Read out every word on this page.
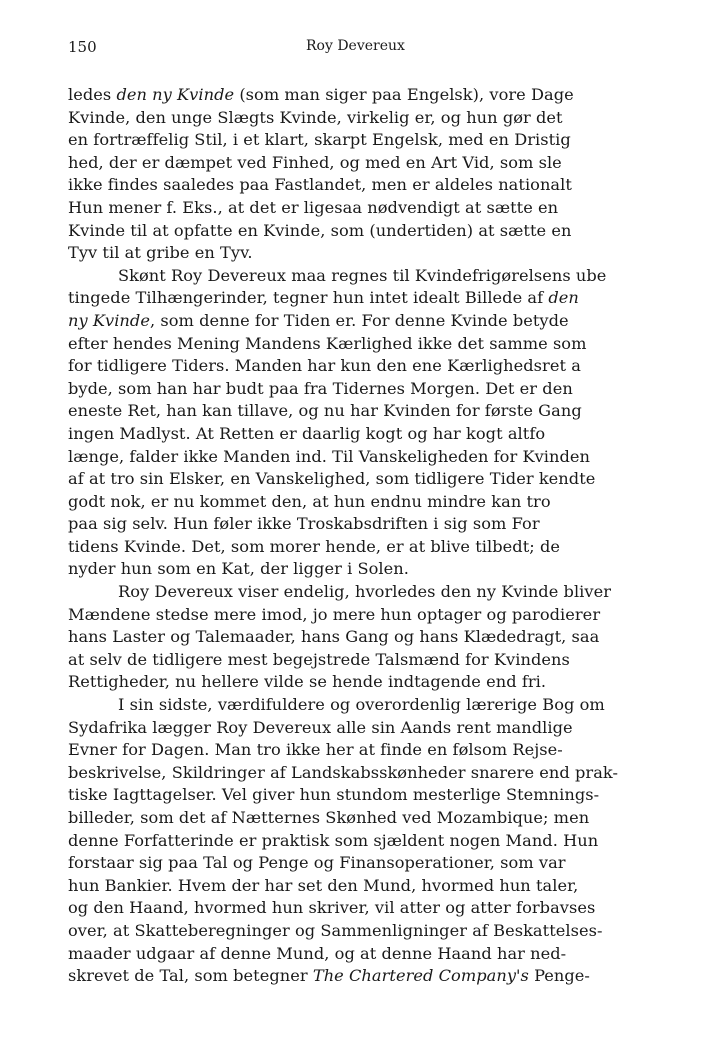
150	Roy Devereux
ledes den ny Kvinde (som man siger paa Engelsk), vore Dage
Kvinde, den unge Slægts Kvinde, virkelig er, og hun gør det
en fortræffelig Stil, i et klart, skarpt Engelsk, med en Dristig
hed, der er dæmpet ved Finhed, og med en Art Vid, som sle
ikke findes saaledes paa Fastlandet, men er aldeles nationalt
Hun mener f. Eks., at det er ligesaa nødvendigt at sætte en
Kvinde til at opfatte en Kvinde, som (undertiden) at sætte en
Tyv til at gribe en Tyv.
Skønt Roy Devereux maa regnes til Kvindefrigørelsens ube
tingede Tilhængerinder, tegner hun intet idealt Billede af den
ny Kvinde, som denne for Tiden er. For denne Kvinde betyde
efter hendes Mening Mandens Kærlighed ikke det samme som
for tidligere Tiders. Manden har kun den ene Kærlighedsret a
byde, som han har budt paa fra Tidernes Morgen. Det er den
eneste Ret, han kan tillave, og nu har Kvinden for første Gang
ingen Madlyst. At Retten er daarlig kogt og har kogt altfo
længe, falder ikke Manden ind. Til Vanskeligheden for Kvinden
af at tro sin Elsker, en Vanskelighed, som tidligere Tider kendte
godt nok, er nu kommet den, at hun endnu mindre kan tro
paa sig selv. Hun føler ikke Troskabsdriften i sig som For
tidens Kvinde. Det, som morer hende, er at blive tilbedt; de
nyder hun som en Kat, der ligger i Solen.
Roy Devereux viser endelig, hvorledes den ny Kvinde bliver
Mændene stedse mere imod, jo mere hun optager og parodierer
hans Laster og Talemaader, hans Gang og hans Klædedragt, saa
at selv de tidligere mest begejstrede Talsmænd for Kvindens
Rettigheder, nu hellere vilde se hende indtagende end fri.
I sin sidste, værdifuldere og overordenlig lærerige Bog om
Sydafrika lægger Roy Devereux alle sin Aands rent mandlige
Evner for Dagen. Man tro ikke her at finde en følsom Rejse-
beskrivelse, Skildringer af Landskabsskønheder snarere end prak-
tiske Iagttagelser. Vel giver hun stundom mesterlige Stemnings-
billeder, som det af Nætternes Skønhed ved Mozambique; men
denne Forfatterinde er praktisk som sjældent nogen Mand. Hun
forstaar sig paa Tal og Penge og Finansoperationer, som var
hun Bankier. Hvem der har set den Mund, hvormed hun taler,
og den Haand, hvormed hun skriver, vil atter og atter forbavses
over, at Skatteberegninger og Sammenligninger af Beskattelses-
maader udgaar af denne Mund, og at denne Haand har ned-
skrevet de Tal, som betegner The Chartered Company's Penge-
